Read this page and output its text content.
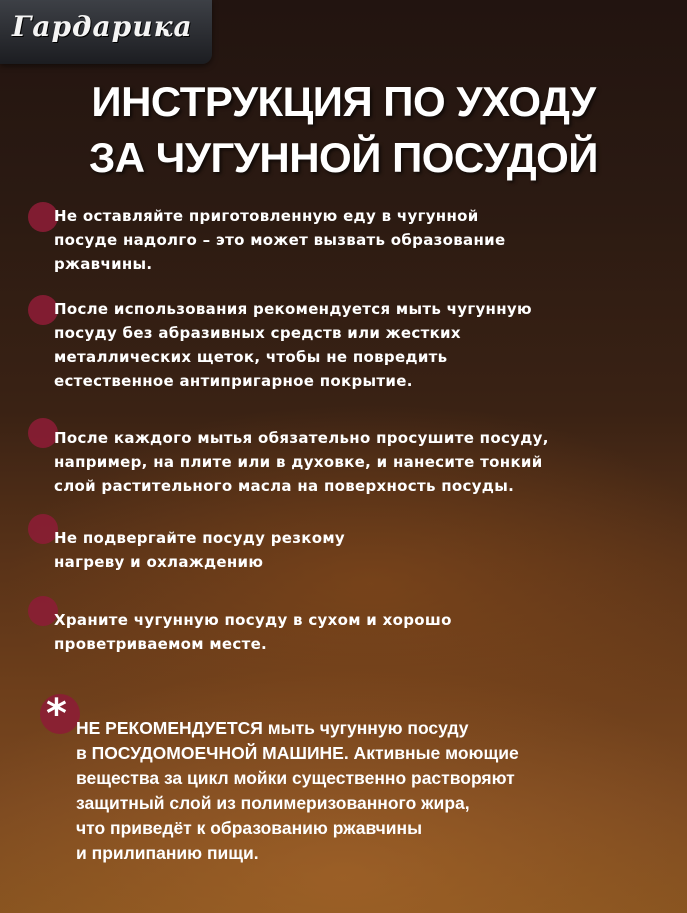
Гардарика
ИНСТРУКЦИЯ ПО УХОДУ
ЗА ЧУГУННОЙ ПОСУДОЙ
Не оставляйте приготовленную еду в чугунной
посуде надолго – это может вызвать образование
ржавчины.
После использования рекомендуется мыть чугунную
посуду без абразивных средств или жестких
металлических щеток, чтобы не повредить
естественное антипригарное покрытие.
После каждого мытья обязательно просушите посуду,
например, на плите или в духовке, и нанесите тонкий
слой растительного масла на поверхность посуды.
Не подвергайте посуду резкому
нагреву и охлаждению
Храните чугунную посуду в сухом и хорошо
проветриваемом месте.
* НЕ РЕКОМЕНДУЕТСЯ мыть чугунную посуду
в ПОСУДОМОЕЧНОЙ МАШИНЕ. Активные моющие
вещества за цикл мойки существенно растворяют
защитный слой из полимеризованного жира,
что приведёт к образованию ржавчины
и прилипанию пищи.
